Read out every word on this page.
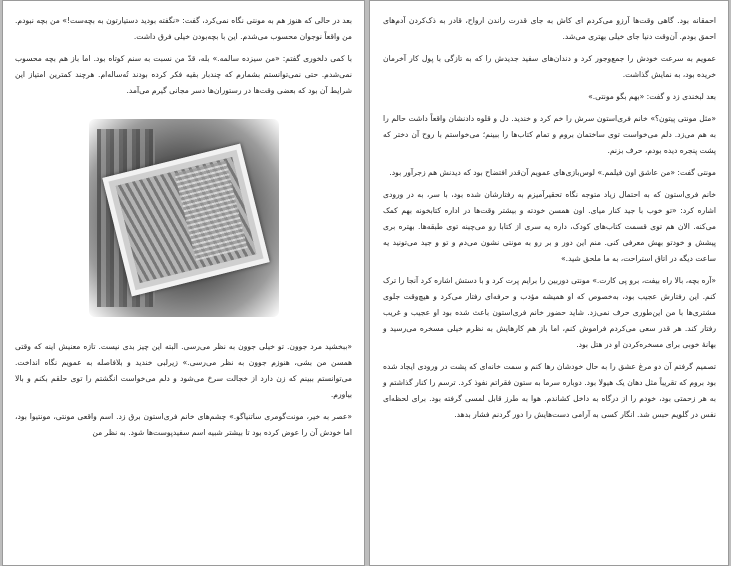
بعد در حالی که هنوز هم به مونتی نگاه نمی‌کرد، گفت: «نگفته بودید دستیارتون به بچه‌ست!» من بچه نبودم. من واقعاً نوجوان محسوب می‌شدم. این با بچه‌بودن خیلی فرق داشت.

با کمی دلخوری گفتم: «من سیزده سالمه.» بله، قدّ من نسبت به سنم کوتاه بود. اما باز هم بچه محسوب نمی‌شدم. حتی نمی‌توانستم بشمارم که چندبار بقیه فکر کرده بودند تُه‌ساله‌ام. هرچند کمترین امتیاز این شرایط آن بود که بعضی وقت‌ها در رستوران‌ها دسر مجانی گیرم می‌آمد.

«ببخشید مرد جوون. تو خیلی جوون به نظر می‌رسی. البته این چیز بدی نیست. تازه معنیش اینه که وقتی همسن من بشی، هنوزم جوون به نظر می‌رسی.» زیرلبی خندید و بلافاصله به عمویم نگاه انداخت. می‌توانستم ببینم که زن دارد از خجالت سرخ می‌شود و دلم می‌خواست انگشتم را توی حلقم بکنم و بالا بیاورم.

«عصر به خیر، مونت‌گومری ساتنیاگو.» چشم‌های خانم فری‌استون برق زد. اسم واقعی مونتی، مونتیوا بود، اما خودش آن را عوض کرده بود تا بیشتر شبیه اسم سفیدپوست‌ها شود. به نظر من

احمقانه بود. گاهی وقت‌ها آرزو می‌کردم ای کاش به جای قدرت راندن ارواح، قادر به ذک‌کردن آدم‌های احمق بودم. آن‌وقت دنیا جای خیلی بهتری می‌شد.

عمویم به سرعت خودش را جمع‌وجور کرد و دندان‌های سفید جدیدش را که به تازگی با پول کار آخرمان خریده بود، به نمایش گذاشت.

بعد لبخندی زد و گفت: «بهم بگو مونتی.»

«مثل مونتی پیتون؟» خانم فری‌استون سرش را خم کرد و خندید. دل و قلوه دادنشان واقعاً داشت حالم را به هم می‌زد. دلم می‌خواست توی ساختمان بروم و تمام کتاب‌ها را ببینم؛ می‌خواستم با روح آن دختر که پشت پنجره دیده بودم، حرف بزنم.

مونتی گفت: «من عاشق اون فیلمم.» لوس‌بازی‌های عمویم آن‌قدر افتضاح بود که دیدنش هم زجرآور بود.

خانم فری‌استون که به احتمال زیاد متوجه نگاه تحقیرآمیزم به رفتارشان شده بود، با سر، به در ورودی اشاره کرد: «تو خوب با جید کنار میای. اون همسن خودته و بیشتر وقت‌ها در اداره کتابخونه بهم کمک می‌کنه. الان هم توی قسمت کتاب‌های کودک، داره یه سری از کتابا رو می‌چینه توی طبقه‌ها. بهتره بری پیشش و خودتو بهش معرفی کنی. منم این دور و بر رو به مونتی نشون می‌دم و تو و جید می‌تونید یه ساعت دیگه در اتاق استراحت، به ما ملحق شید.»

«آره بچه، بالا راه بیفت، برو پی کارت.» مونتی دوربین را برایم پرت کرد و با دستش اشاره کرد آنجا را ترک کنم. این رفتارش عجیب بود، به‌خصوص که او همیشه مؤدب و حرفه‌ای رفتار می‌کرد و هیچ‌وقت جلوی مشتری‌ها با من این‌طوری حرف نمی‌زد. شاید حضور خانم فری‌استون باعث شده بود او عجیب و غریب رفتار کند. هر قدر سعی می‌کردم فراموش کنم، اما باز هم کارهایش به نظرم خیلی مسخره می‌رسید و بهانهٔ خوبی برای مسخره‌کردن او در هتل بود.

تصمیم گرفتم آن دو مرغ عشق را به حال خودشان رها کنم و سمت خانه‌ای که پشت در ورودی ایجاد شده بود بروم که تقریباً مثل دهان یک هیولا بود. دوباره سرما به ستون فقراتم نفوذ کرد. ترسم را کنار گذاشتم و به هر زحمتی بود، خودم را از درگاه به داخل کشاندم. هوا به طرز قابل لمسی گرفته بود. برای لحظه‌ای نفس در گلویم حبس شد. انگار کسی به آرامی دست‌هایش را دور گردنم فشار بدهد.
